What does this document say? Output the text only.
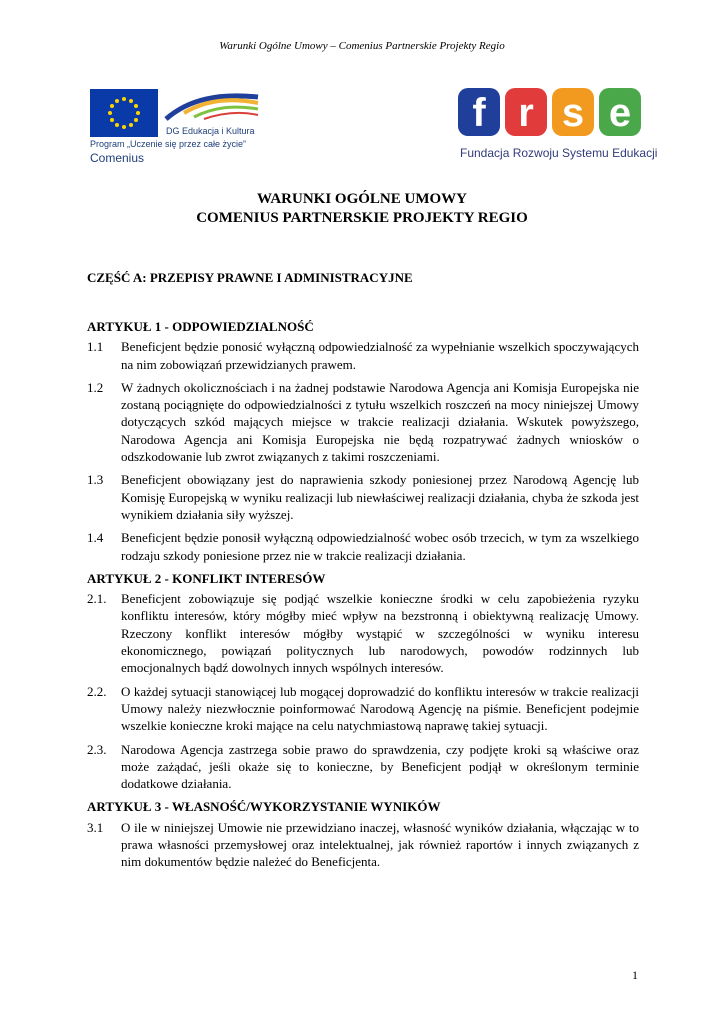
Warunki Ogólne Umowy – Comenius Partnerskie Projekty Regio
DG Edukacja i Kultura
Program „Uczenie się przez całe życie”
Comenius
f r s e
Fundacja Rozwoju Systemu Edukacji
WARUNKI OGÓLNE UMOWY
COMENIUS PARTNERSKIE PROJEKTY REGIO
CZĘŚĆ A: PRZEPISY PRAWNE I ADMINISTRACYJNE
ARTYKUŁ 1 - ODPOWIEDZIALNOŚĆ
1.1	Beneficjent będzie ponosić wyłączną odpowiedzialność za wypełnianie wszelkich spoczywających na nim zobowiązań przewidzianych prawem.
1.2	W żadnych okolicznościach i na żadnej podstawie Narodowa Agencja ani Komisja Europejska nie zostaną pociągnięte do odpowiedzialności z tytułu wszelkich roszczeń na mocy niniejszej Umowy dotyczących szkód mających miejsce w trakcie realizacji działania. Wskutek powyższego, Narodowa Agencja ani Komisja Europejska nie będą rozpatrywać żadnych wniosków o odszkodowanie lub zwrot związanych z takimi roszczeniami.
1.3	Beneficjent obowiązany jest do naprawienia szkody poniesionej przez Narodową Agencję lub Komisję Europejską w wyniku realizacji lub niewłaściwej realizacji działania, chyba że szkoda jest wynikiem działania siły wyższej.
1.4	Beneficjent będzie ponosił wyłączną odpowiedzialność wobec osób trzecich, w tym za wszelkiego rodzaju szkody poniesione przez nie w trakcie realizacji działania.
ARTYKUŁ 2 - KONFLIKT INTERESÓW
2.1.	Beneficjent zobowiązuje się podjąć wszelkie konieczne środki w celu zapobieżenia ryzyku konfliktu interesów, który mógłby mieć wpływ na bezstronną i obiektywną realizację Umowy. Rzeczony konflikt interesów mógłby wystąpić w szczególności w wyniku interesu ekonomicznego, powiązań politycznych lub narodowych, powodów rodzinnych lub emocjonalnych bądź dowolnych innych wspólnych interesów.
2.2.	O każdej sytuacji stanowiącej lub mogącej doprowadzić do konfliktu interesów w trakcie realizacji Umowy należy niezwłocznie poinformować Narodową Agencję na piśmie. Beneficjent podejmie wszelkie konieczne kroki mające na celu natychmiastową naprawę takiej sytuacji.
2.3.	Narodowa Agencja zastrzega sobie prawo do sprawdzenia, czy podjęte kroki są właściwe oraz może zażądać, jeśli okaże się to konieczne, by Beneficjent podjął w określonym terminie dodatkowe działania.
ARTYKUŁ 3 - WŁASNOŚĆ/WYKORZYSTANIE WYNIKÓW
3.1	O ile w niniejszej Umowie nie przewidziano inaczej, własność wyników działania, włączając w to prawa własności przemysłowej oraz intelektualnej, jak również raportów i innych związanych z nim dokumentów będzie należeć do Beneficjenta.
1
